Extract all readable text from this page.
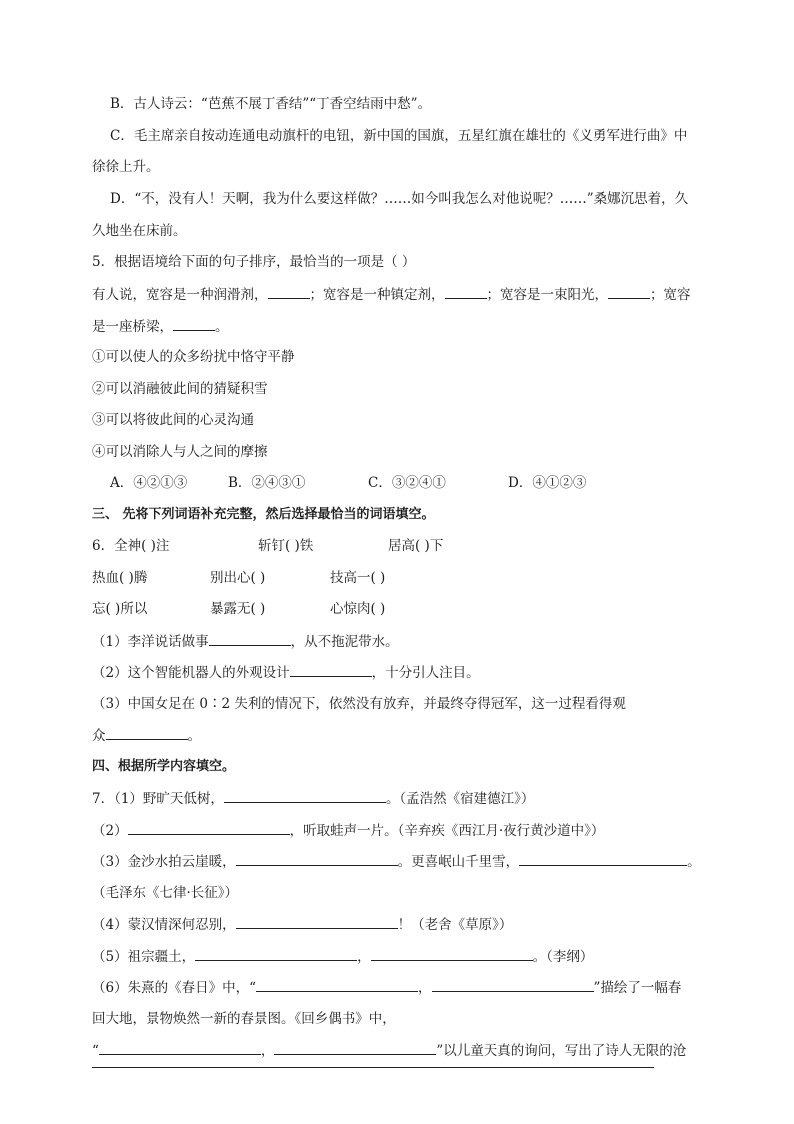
B．古人诗云：“芭蕉不展丁香结”“丁香空结雨中愁”。
C．毛主席亲自按动连通电动旗杆的电钮，新中国的国旗，五星红旗在雄壮的《义勇军进行曲》中
徐徐上升。
D．“不，没有人！天啊，我为什么要这样做？……如今叫我怎么对他说呢？……”桑娜沉思着，久
久地坐在床前。
5．根据语境给下面的句子排序，最恰当的一项是（ ）
有人说，宽容是一种润滑剂，	；宽容是一种镇定剂，	；宽容是一束阳光，	；宽容
是一座桥梁，	。
①可以使人的众多纷扰中恪守平静
②可以消融彼此间的猜疑积雪
③可以将彼此间的心灵沟通
④可以消除人与人之间的摩擦
A．④②①③	B．②④③①	C．③②④①	D．④①②③
三、 先将下列词语补充完整，然后选择最恰当的词语填空。
6．全神( )注	斩钉( )铁	居高( )下
热血( )腾	别出心( )	技高一( )
忘( )所以	暴露无( )	心惊肉( )
（1）李洋说话做事	，从不拖泥带水。
（2）这个智能机器人的外观设计	，十分引人注目。
（3）中国女足在 0∶2 失利的情况下，依然没有放弃，并最终夺得冠军，这一过程看得观
众	。
四、根据所学内容填空。
7．（1）野旷天低树，	。（孟浩然《宿建德江》）
（2）	，听取蛙声一片。（辛弃疾《西江月·夜行黄沙道中》）
（3）金沙水拍云崖暖，	。更喜岷山千里雪，	。
（毛泽东《七律·长征》）
（4）蒙汉情深何忍别，	！（老舍《草原》）
（5）祖宗疆土，	，	。（李纲）
（6）朱熹的《春日》中，“	，	”描绘了一幅春
回大地，景物焕然一新的春景图。《回乡偶书》中，
“	，	”以儿童天真的询问，写出了诗人无限的沧
